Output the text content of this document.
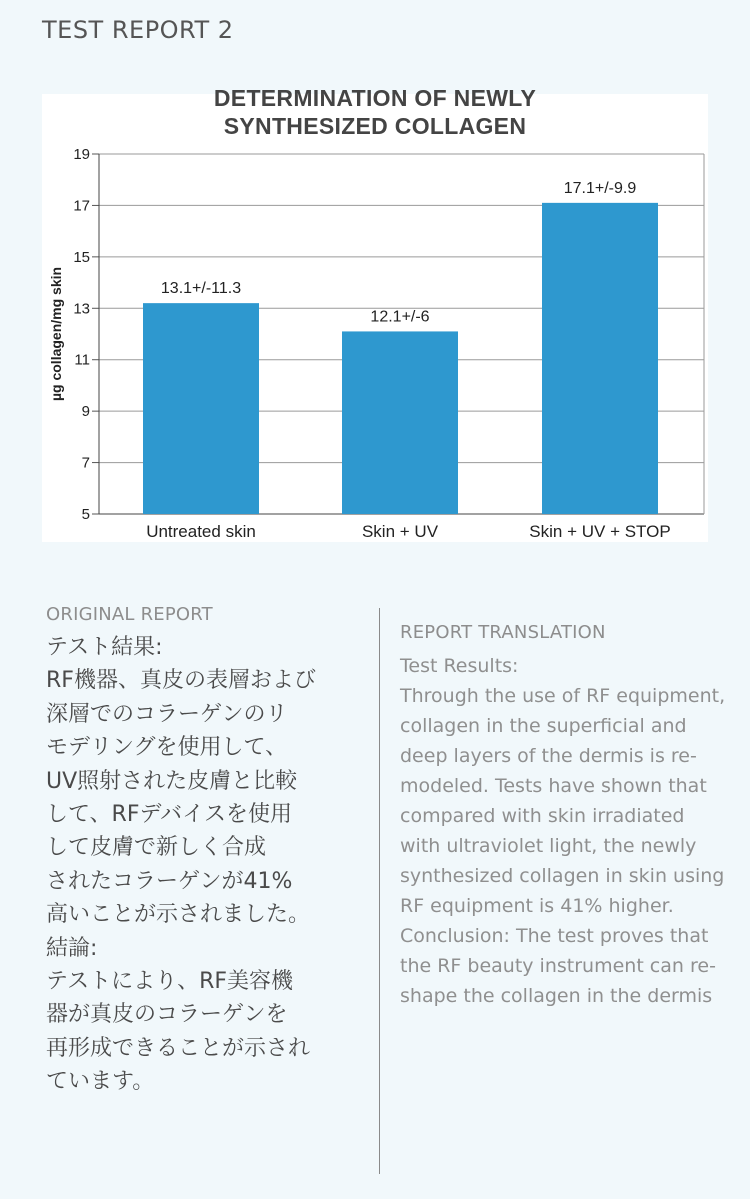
TEST REPORT 2
5
7
9
11
13
15
17
19
µg collagen/mg skin	13.1+/-11.3
Untreated skin
12.1+/-6
Skin + UV
17.1+/-9.9
Skin + UV + STOP
DETERMINATION OF NEWLY
SYNTHESIZED COLLAGEN
ORIGINAL REPORT
テスト結果:
RF機器、真皮の表層および
深層でのコラーゲンのリ
モデリングを使用して、
UV照射された皮膚と比較
して、RFデバイスを使用
して皮膚で新しく合成
されたコラーゲンが41%
高いことが示されました。
結論:
テストにより、RF美容機
器が真皮のコラーゲンを
再形成できることが示され
ています。
REPORT TRANSLATION
Test Results:
Through the use of RF equipment,
collagen in the superficial and
deep layers of the dermis is re-
modeled. Tests have shown that
compared with skin irradiated
with ultraviolet light, the newly
synthesized collagen in skin using
RF equipment is 41% higher.
Conclusion: The test proves that
the RF beauty instrument can re-
shape the collagen in the dermis
